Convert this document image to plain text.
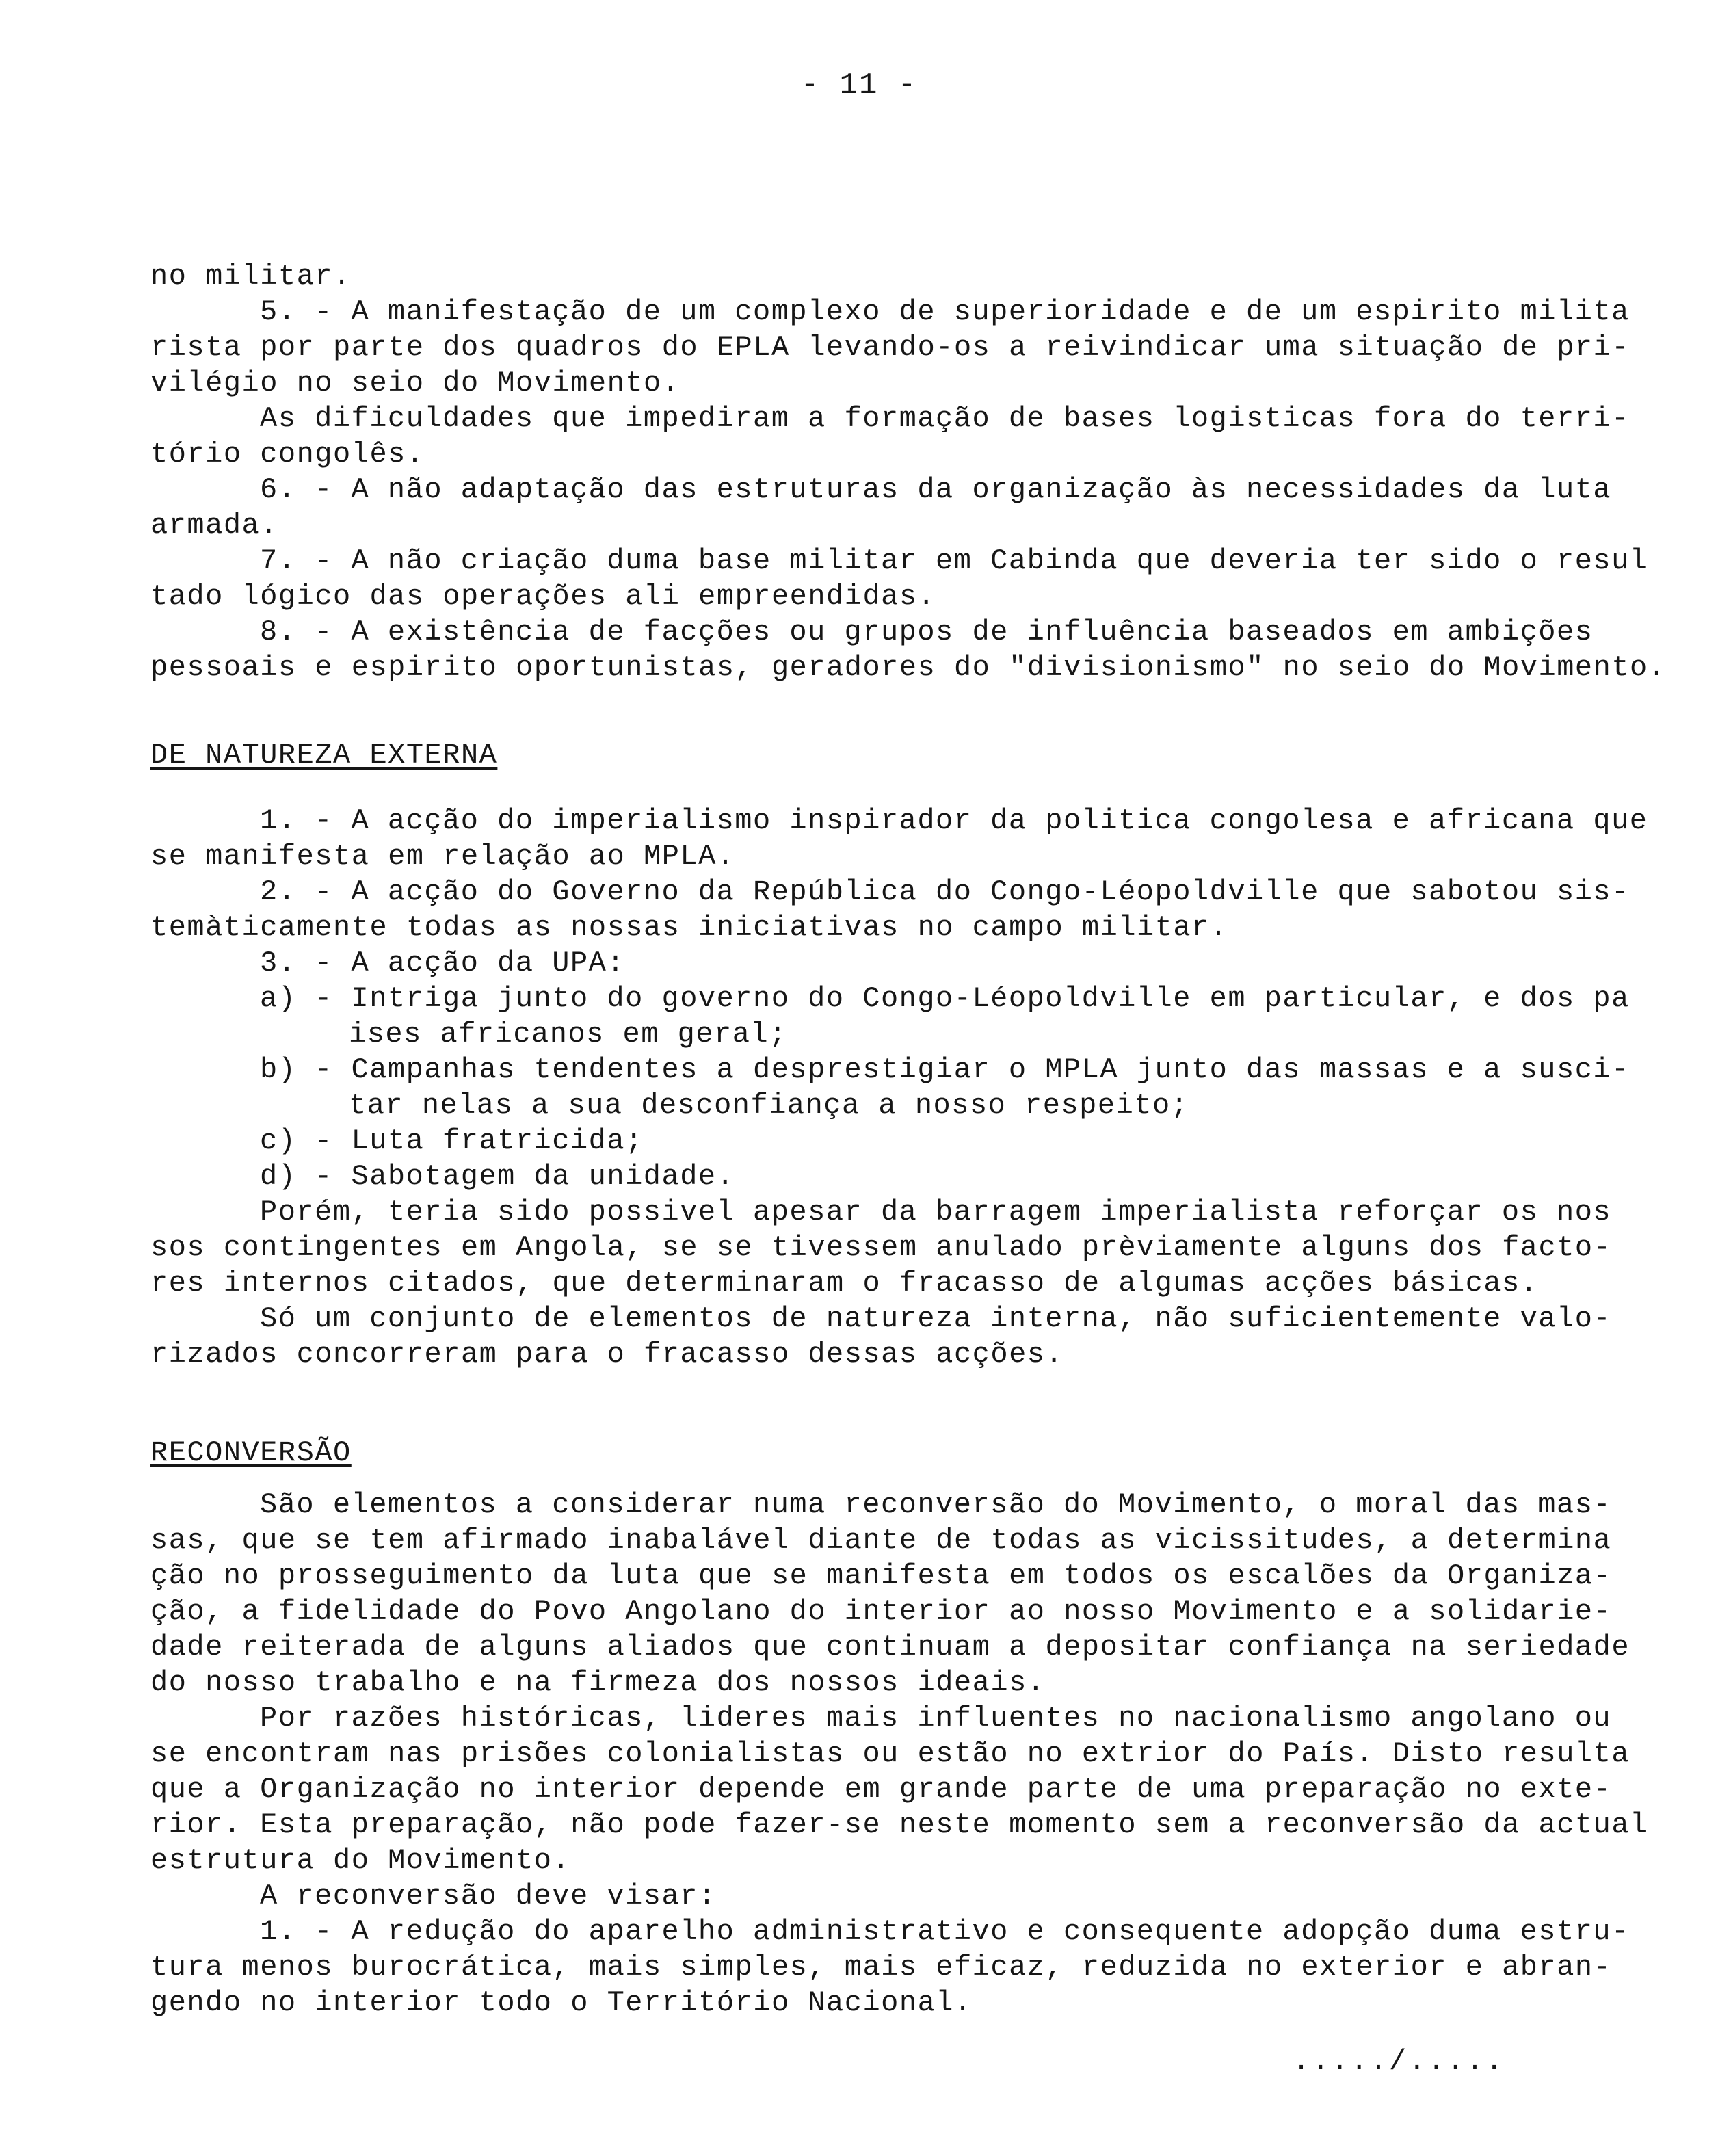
- 11 -
no militar.
5. - A manifestação de um complexo de superioridade e de um espirito milita
rista por parte dos quadros do EPLA levando-os a reivindicar uma situação de pri-
vilégio no seio do Movimento.
As dificuldades que impediram a formação de bases logisticas fora do terri-
tório congolês.
6. - A não adaptação das estruturas da organização às necessidades da luta
armada.
7. - A não criação duma base militar em Cabinda que deveria ter sido o resul
tado lógico das operações ali empreendidas.
8. - A existência de facções ou grupos de influência baseados em ambições
pessoais e espirito oportunistas, geradores do "divisionismo" no seio do Movimento.
DE NATUREZA EXTERNA
1. - A acção do imperialismo inspirador da politica congolesa e africana que
se manifesta em relação ao MPLA.
2. - A acção do Governo da República do Congo-Léopoldville que sabotou sis-
temàticamente todas as nossas iniciativas no campo militar.
3. - A acção da UPA:
a) - Intriga junto do governo do Congo-Léopoldville em particular, e dos pa
ises africanos em geral;
b) - Campanhas tendentes a desprestigiar o MPLA junto das massas e a susci-
tar nelas a sua desconfiança a nosso respeito;
c) - Luta fratricida;
d) - Sabotagem da unidade.
Porém, teria sido possivel apesar da barragem imperialista reforçar os nos
sos contingentes em Angola, se se tivessem anulado prèviamente alguns dos facto-
res internos citados, que determinaram o fracasso de algumas acções básicas.
Só um conjunto de elementos de natureza interna, não suficientemente valo-
rizados concorreram para o fracasso dessas acções.
RECONVERSÃO
São elementos a considerar numa reconversão do Movimento, o moral das mas-
sas, que se tem afirmado inabalável diante de todas as vicissitudes, a determina
ção no prosseguimento da luta que se manifesta em todos os escalões da Organiza-
ção, a fidelidade do Povo Angolano do interior ao nosso Movimento e a solidarie-
dade reiterada de alguns aliados que continuam a depositar confiança na seriedade
do nosso trabalho e na firmeza dos nossos ideais.
Por razões históricas, lideres mais influentes no nacionalismo angolano ou
se encontram nas prisões colonialistas ou estão no extrior do País. Disto resulta
que a Organização no interior depende em grande parte de uma preparação no exte-
rior. Esta preparação, não pode fazer-se neste momento sem a reconversão da actual
estrutura do Movimento.
A reconversão deve visar:
1. - A redução do aparelho administrativo e consequente adopção duma estru-
tura menos burocrática, mais simples, mais eficaz, reduzida no exterior e abran-
gendo no interior todo o Território Nacional.
...../.....
